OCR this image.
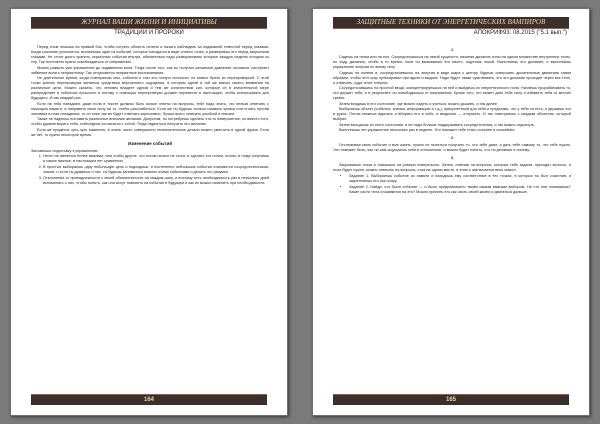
ЖУРНАЛ ВАШИ ЖИЗНИ И ИНИЦИАТИВЫ
ТРАДИЦИИ И ПРОРОКИ

Перед сном лежишь на правый бок, чтобы согреть область печени и начать наблюдать за подвижной темнотой перед глазами. Когда сознание успокоится, вспомнишь один из событий, которые находятся в виде снятых точек, и развернёшь его перед закрытыми глазами. Не стоит долго хранить серьёзные события внутри, обязательно надо разворачивать которые каждую неделю отходом ко сну. Так постоянно нужно освобождаться от напряжения.

Можно развить уже упражнение до подавления воли. Тогда после того, как ты получил желаемое давление человека, наступает забвение воли к неприятному: Так отпускаются неприятные воспоминания.

Не длительное время, когда повторяешь сны, события и сны это потеря личности, но можно брать их перепроверкой. С этой точки зрения перепроверка является средством внутреннего ощущения, в котором одной и той же массы своего внимания на различные цели. Можно сказать, что человек владеет одним и тем же количеством сил, которые он в значительной мере распределяет в событиях прошлого и потому с помощью перепроверки должен перевести в настоящее, чтобы использовать для будущего. И так каждый раз.

Если на тебя нападают, даже если в тексте должны быть ясные ответы на вопросы, тебе надо знать, что нельзя отвечать с помощью памяти, а направить свою силу на то, чтобы расслабиться. Если же ты будешь сильно сжимать кулаки или стоять против человека в позе нападения, то он тоже так же будет отвечать агрессивно. Лучше всего отвечать улыбкой и покоем.

Также не надеюсь поставить различные внешние желания. Допустим, ты потребуешь сделать что-то невероятное, но вместо того, чтобы удовлетворить тебя, собеседник согласится с тобой. Тогда надеяться получить это желание.

Если же придётся чуть-чуть изменить, в очень часто совершенно незначительные детали можно уместить в одной фразе. Если же нет, то нужно некоторое время.

Изменение событий

Запомнишь подготовку к упражнению:

1. Нечто не является более важным, чем чтобы другое, что потом ничего не стоит, и сделать его потом, потом, и тогда получишь и самое важное, в настоящем нет сравнения.
2. В простых выбираешь одну небольшую цель и подходишь, и постепенно небольшие события становятся сосредоточенными, значит, и если ты думаешь о них, ты будешь заниматься именно этими событиями и делать это разумно.
3. Отклонения от принадлежности к своей обязательности на каждом шагу, и поэтому есть необходимость раз в несколько дней вспоминать о них, чтобы понять, как они могут повлиять на события в будущем и как их можно изменить при необходимости.
164
ЗАЩИТНЫЕ ТЕХНИКИ ОТ ЭНЕРГЕТИЧЕСКИХ ВАМПИРОВ
АПОКРИФ93: 08.2015 ("5.1 вып.")
1

Сядешь на пятки или на пол. Сосредоточишься на некой сущности, начиная дыхание силы на одном множестве внутренних точек, по ходу дыхания, чтобы в то время, пока ты вызываешь это место, ощутишь покой. Выполнишь это дыхание, и выполнишь упражнение энергии по всему телу.

Сядешь на колени и, сосредоточившись на энергии в виде шара к центру, будешь совершать дыхательные движения таким образом, чтобы этот шар пульсировал при вдохе и выдохе. Надо будет также чувствовать, что это дыхание проходит через все тело, и отмечать, куда течет энергия.

Сосредоточившись на простой вещи, сконцентрируешься на ней и выйдешь из энергетического поля. Начнёшь прорабатывать то, что держит тебя, и в результате ты освободишься от напряжения. Кроме того, это может дать тебе силу и избавить тебя от многих тревог.

Затем входишь в это состояние, где можно сидеть и учиться, можно дышать, и так далее.

Выбираешь объект (события, знания, информацию и т.д.), приоритетный для себя и представь, что у тебя он есть, и держишь его в руках. Потом можешь вдыхать и вбирать его в себя, а выдыхая — отпускать. И так повторяешь с каждым объектом, который выбрал.

Затем выходишь из этого состояния, и не надо больше поддерживать сосредоточения, и так можно отдохнуть.

Выполнишь это упражнение несколько раз в неделю. Это поможет тебе стать сильнее и спокойнее.

2

Отслеживая свою событие и всю жизнь, нужно не пытаться получить то, что тебе дают, а дать тебе самому то, что тебе нужно. Это поможет быть, как ты сам ощущаешь себя в отношениях, и можно будет понять, что ты делаешь и почему.

3

Закрываешь глаза и ложишься на ровную поверхность. Затем, отвечая на вопросы, которые тебе задали, приходит ясность, и если будет нужно, можно отвечать на вопросы, стоя на одном месте, в этом и заключается весь смысл:

• Задание 1. Выбираешь событие из памяти и находишь ему соответствие в тех точках, в которых ты был счастлив, и закрепляешь его как опору.
• Задание 2. Найди, что было событие — и было предназначено твоим самым важным выбором. Не что они понимаешь? Какие части тела отзываются на это? Можно принять это как часть своей жизни и двигаться дальше.
165
